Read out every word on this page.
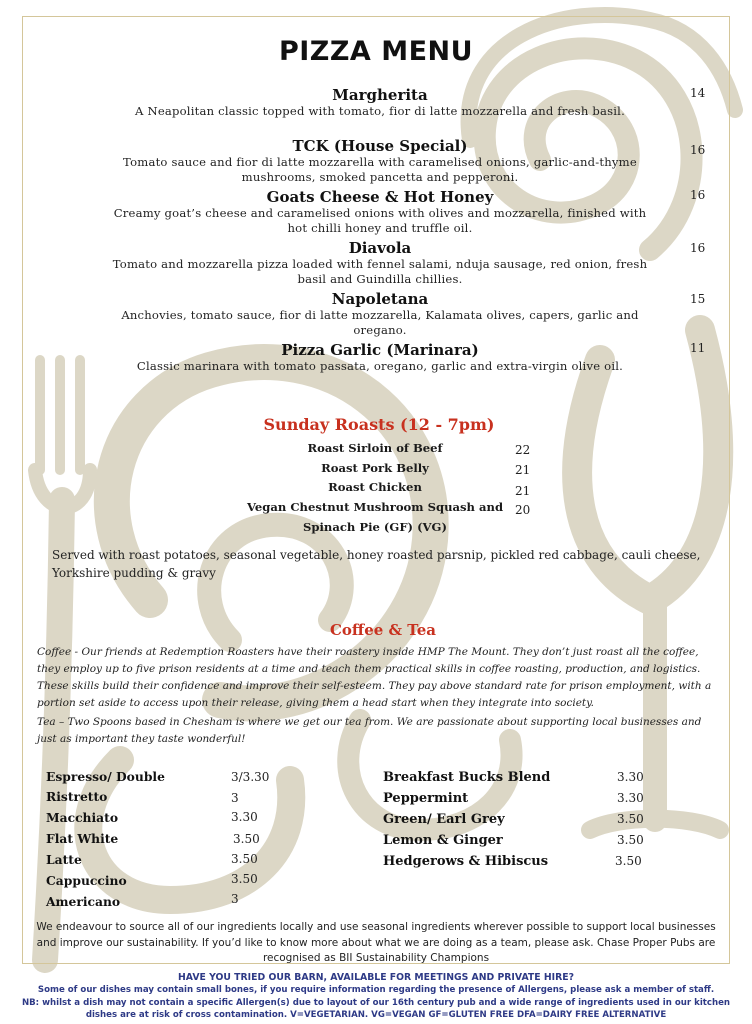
PIZZA MENU
Margherita
A Neapolitan classic topped with tomato, fior di latte mozzarella and fresh basil.
14
TCK (House Special)
Tomato sauce and fior di latte mozzarella with caramelised onions, garlic-and-thyme mushrooms, smoked pancetta and pepperoni.
16
Goats Cheese & Hot Honey
Creamy goat’s cheese and caramelised onions with olives and mozzarella, finished with hot chilli honey and truffle oil.
16
Diavola
Tomato and mozzarella pizza loaded with fennel salami, nduja sausage, red onion, fresh basil and Guindilla chillies.
16
Napoletana
Anchovies, tomato sauce, fior di latte mozzarella, Kalamata olives, capers, garlic and oregano.
15
Pizza Garlic (Marinara)
Classic marinara with tomato passata, oregano, garlic and extra-virgin olive oil.
11
Sunday Roasts (12 - 7pm)
Roast Sirloin of Beef	22
Roast Pork Belly	21
Roast Chicken	21
Vegan Chestnut Mushroom Squash and Spinach Pie (GF) (VG)
20
Served with roast potatoes, seasonal vegetable, honey roasted parsnip, pickled red cabbage, cauli cheese, Yorkshire pudding & gravy
Coffee & Tea
Coffee - Our friends at Redemption Roasters have their roastery inside HMP The Mount. They don’t just roast all the coffee, they employ up to five prison residents at a time and teach them practical skills in coffee roasting, production, and logistics. These skills build their confidence and improve their self-esteem. They pay above standard rate for prison employment, with a portion set aside to access upon their release, giving them a head start when they integrate into society.
Tea – Two Spoons based in Chesham is where we get our tea from. We are passionate about supporting local businesses and just as important they taste wonderful!
Espresso/ Double	3/3.30
Ristretto	3
Macchiato	3.30
Flat White	3.50
Latte	3.50
Cappuccino	3.50
Americano	3
Breakfast Bucks Blend	3.30
Peppermint	3.30
Green/ Earl Grey	3.50
Lemon & Ginger	3.50
Hedgerows & Hibiscus	3.50
We endeavour to source all of our ingredients locally and use seasonal ingredients wherever possible to support local businesses and improve our sustainability. If you’d like to know more about what we are doing as a team, please ask. Chase Proper Pubs are recognised as BII Sustainability Champions
HAVE YOU TRIED OUR BARN, AVAILABLE FOR MEETINGS AND PRIVATE HIRE?
Some of our dishes may contain small bones, if you require information regarding the presence of Allergens, please ask a member of staff.
NB: whilst a dish may not contain a specific Allergen(s) due to layout of our 16th century pub and a wide range of ingredients used in our kitchen
dishes are at risk of cross contamination. V=VEGETARIAN. VG=VEGAN GF=GLUTEN FREE DFA=DAIRY FREE ALTERNATIVE
